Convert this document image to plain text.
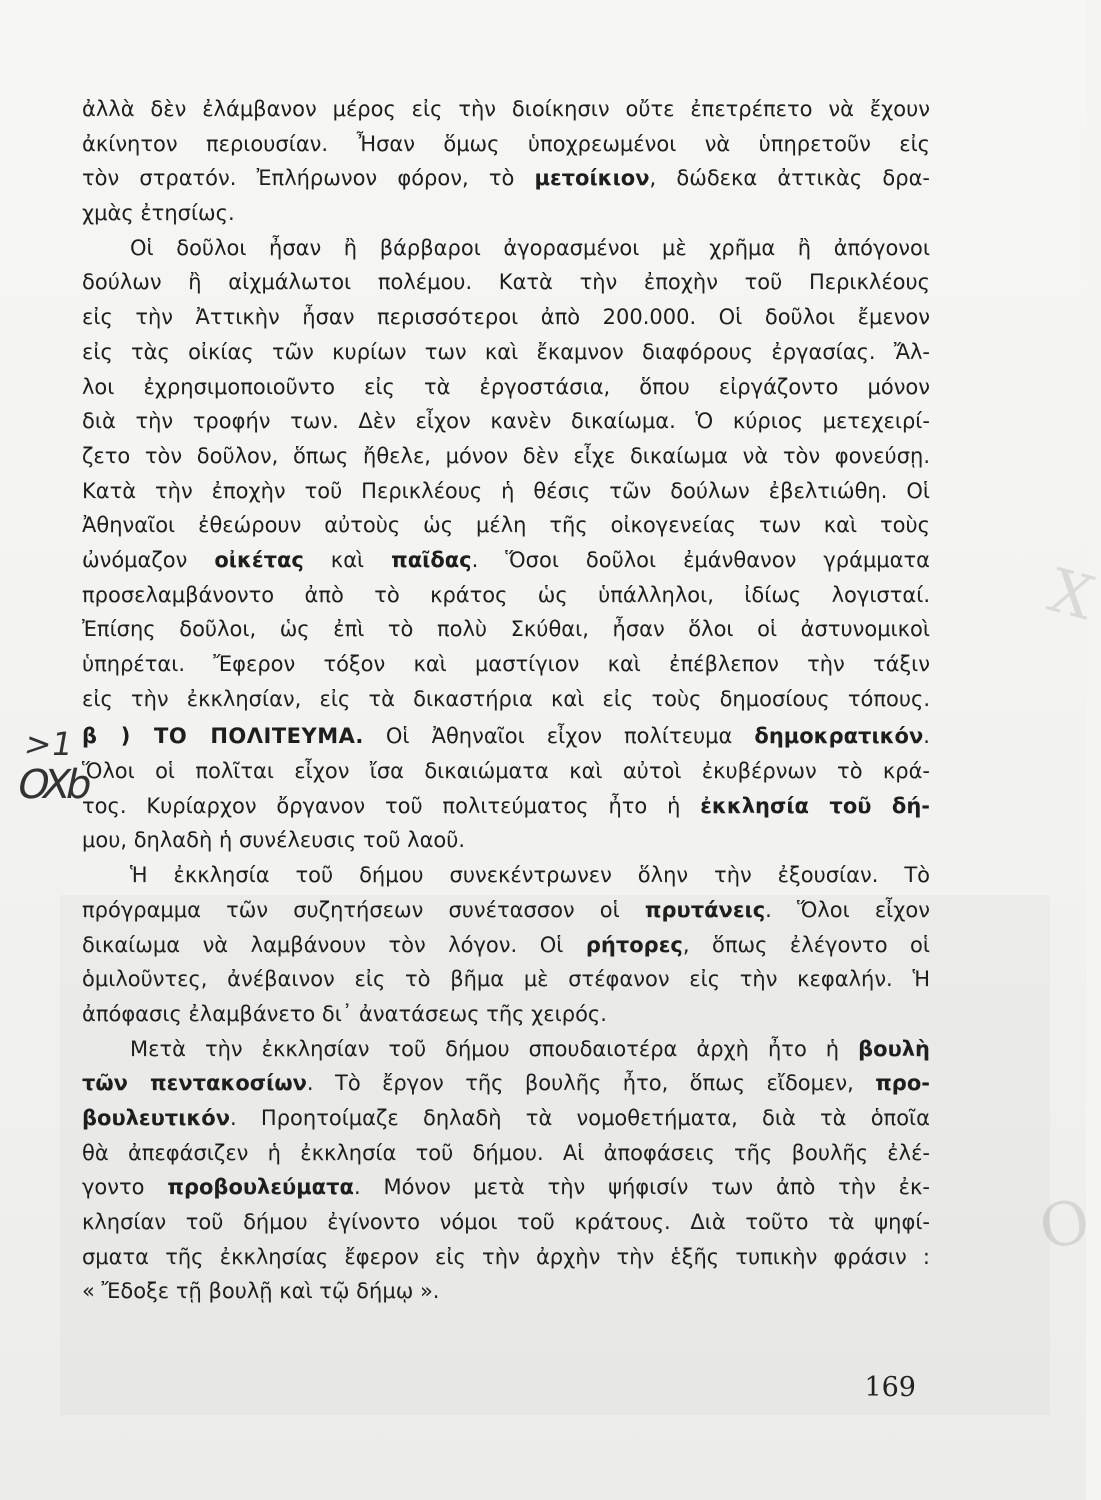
>1
OXb
X
O
ἀλλὰ δὲν ἐλάμβανον μέρος εἰς τὴν διοίκησιν οὔτε ἐπετρέπετο νὰ ἔχουν
ἀκίνητον περιουσίαν. Ἦσαν ὅμως ὑποχρεωμένοι νὰ ὑπηρετοῦν εἰς
τὸν στρατόν. Ἐπλήρωνον φόρον, τὸ μετοίκιον, δώδεκα ἀττικὰς δρα-
χμὰς ἐτησίως.
Οἱ δοῦλοι ἦσαν ἢ βάρβαροι ἀγορασμένοι μὲ χρῆμα ἢ ἀπόγονοι
δούλων ἢ αἰχμάλωτοι πολέμου. Κατὰ τὴν ἐποχὴν τοῦ Περικλέους
εἰς τὴν Ἀττικὴν ἦσαν περισσότεροι ἀπὸ 200.000. Οἱ δοῦλοι ἔμενον
εἰς τὰς οἰκίας τῶν κυρίων των καὶ ἔκαμνον διαφόρους ἐργασίας. Ἄλ-
λοι ἐχρησιμοποιοῦντο εἰς τὰ ἐργοστάσια, ὅπου εἰργάζοντο μόνον
διὰ τὴν τροφήν των. Δὲν εἶχον κανὲν δικαίωμα. Ὁ κύριος μετεχειρί-
ζετο τὸν δοῦλον, ὅπως ἤθελε, μόνον δὲν εἶχε δικαίωμα νὰ τὸν φονεύσῃ.
Κατὰ τὴν ἐποχὴν τοῦ Περικλέους ἡ θέσις τῶν δούλων ἐβελτιώθη. Οἱ
Ἀθηναῖοι ἐθεώρουν αὐτοὺς ὡς μέλη τῆς οἰκογενείας των καὶ τοὺς
ὠνόμαζον οἰκέτας καὶ παῖδας. Ὅσοι δοῦλοι ἐμάνθανον γράμματα
προσελαμβάνοντο ἀπὸ τὸ κράτος ὡς ὑπάλληλοι, ἰδίως λογισταί.
Ἐπίσης δοῦλοι, ὡς ἐπὶ τὸ πολὺ Σκύθαι, ἦσαν ὅλοι οἱ ἀστυνομικοὶ
ὑπηρέται. Ἔφερον τόξον καὶ μαστίγιον καὶ ἐπέβλεπον τὴν τάξιν
εἰς τὴν ἐκκλησίαν, εἰς τὰ δικαστήρια καὶ εἰς τοὺς δημοσίους τόπους.
β ) ΤΟ ΠΟΛΙΤΕΥΜΑ. Οἱ Ἀθηναῖοι εἶχον πολίτευμα δημοκρατικόν.
Ὅλοι οἱ πολῖται εἶχον ἴσα δικαιώματα καὶ αὐτοὶ ἐκυβέρνων τὸ κρά-
τος. Κυρίαρχον ὄργανον τοῦ πολιτεύματος ἦτο ἡ ἐκκλησία τοῦ δή-
μου, δηλαδὴ ἡ συνέλευσις τοῦ λαοῦ.
Ἡ ἐκκλησία τοῦ δήμου συνεκέντρωνεν ὅλην τὴν ἐξουσίαν. Τὸ
πρόγραμμα τῶν συζητήσεων συνέτασσον οἱ πρυτάνεις. Ὅλοι εἶχον
δικαίωμα νὰ λαμβάνουν τὸν λόγον. Οἱ ρήτορες, ὅπως ἐλέγοντο οἱ
ὁμιλοῦντες, ἀνέβαινον εἰς τὸ βῆμα μὲ στέφανον εἰς τὴν κεφαλήν. Ἡ
ἀπόφασις ἐλαμβάνετο δι᾽ ἀνατάσεως τῆς χειρός.
Μετὰ τὴν ἐκκλησίαν τοῦ δήμου σπουδαιοτέρα ἀρχὴ ἦτο ἡ βουλὴ
τῶν πεντακοσίων. Τὸ ἔργον τῆς βουλῆς ἦτο, ὅπως εἴδομεν, προ-
βουλευτικόν. Προητοίμαζε δηλαδὴ τὰ νομοθετήματα, διὰ τὰ ὁποῖα
θὰ ἀπεφάσιζεν ἡ ἐκκλησία τοῦ δήμου. Αἱ ἀποφάσεις τῆς βουλῆς ἐλέ-
γοντο προβουλεύματα. Μόνον μετὰ τὴν ψήφισίν των ἀπὸ τὴν ἐκ-
κλησίαν τοῦ δήμου ἐγίνοντο νόμοι τοῦ κράτους. Διὰ τοῦτο τὰ ψηφί-
σματα τῆς ἐκκλησίας ἔφερον εἰς τὴν ἀρχὴν τὴν ἑξῆς τυπικὴν φράσιν :
« Ἔδοξε τῇ βουλῇ καὶ τῷ δήμῳ ».
169
